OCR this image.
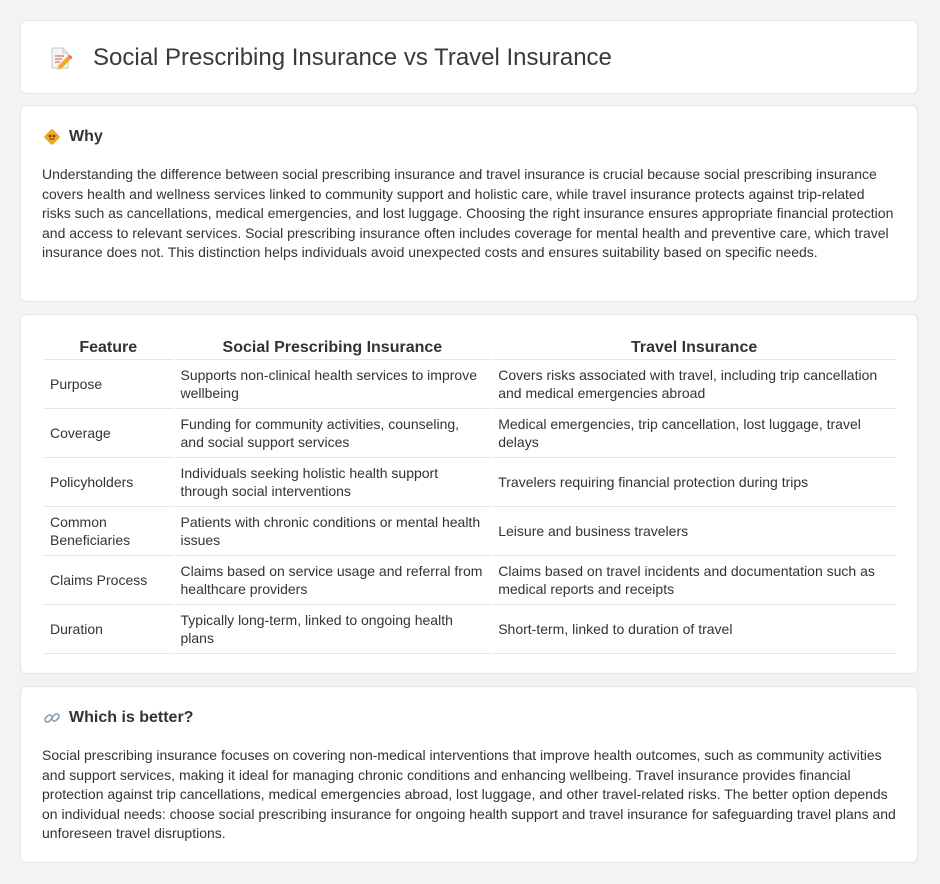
Social Prescribing Insurance vs Travel Insurance
Why

Understanding the difference between social prescribing insurance and travel insurance is crucial because social prescribing insurance covers health and wellness services linked to community support and holistic care, while travel insurance protects against trip-related risks such as cancellations, medical emergencies, and lost luggage. Choosing the right insurance ensures appropriate financial protection and access to relevant services. Social prescribing insurance often includes coverage for mental health and preventive care, which travel insurance does not. This distinction helps individuals avoid unexpected costs and ensures suitability based on specific needs.

Feature	Social Prescribing Insurance	Travel Insurance
Purpose	Supports non-clinical health services to improve wellbeing	Covers risks associated with travel, including trip cancellation and medical emergencies abroad
Coverage	Funding for community activities, counseling, and social support services	Medical emergencies, trip cancellation, lost luggage, travel delays
Policyholders	Individuals seeking holistic health support through social interventions	Travelers requiring financial protection during trips
Common Beneficiaries	Patients with chronic conditions or mental health issues	Leisure and business travelers
Claims Process	Claims based on service usage and referral from healthcare providers	Claims based on travel incidents and documentation such as medical reports and receipts
Duration	Typically long-term, linked to ongoing health plans	Short-term, linked to duration of travel
Which is better?

Social prescribing insurance focuses on covering non-medical interventions that improve health outcomes, such as community activities and support services, making it ideal for managing chronic conditions and enhancing wellbeing. Travel insurance provides financial protection against trip cancellations, medical emergencies abroad, lost luggage, and other travel-related risks. The better option depends on individual needs: choose social prescribing insurance for ongoing health support and travel insurance for safeguarding travel plans and unforeseen travel disruptions.
